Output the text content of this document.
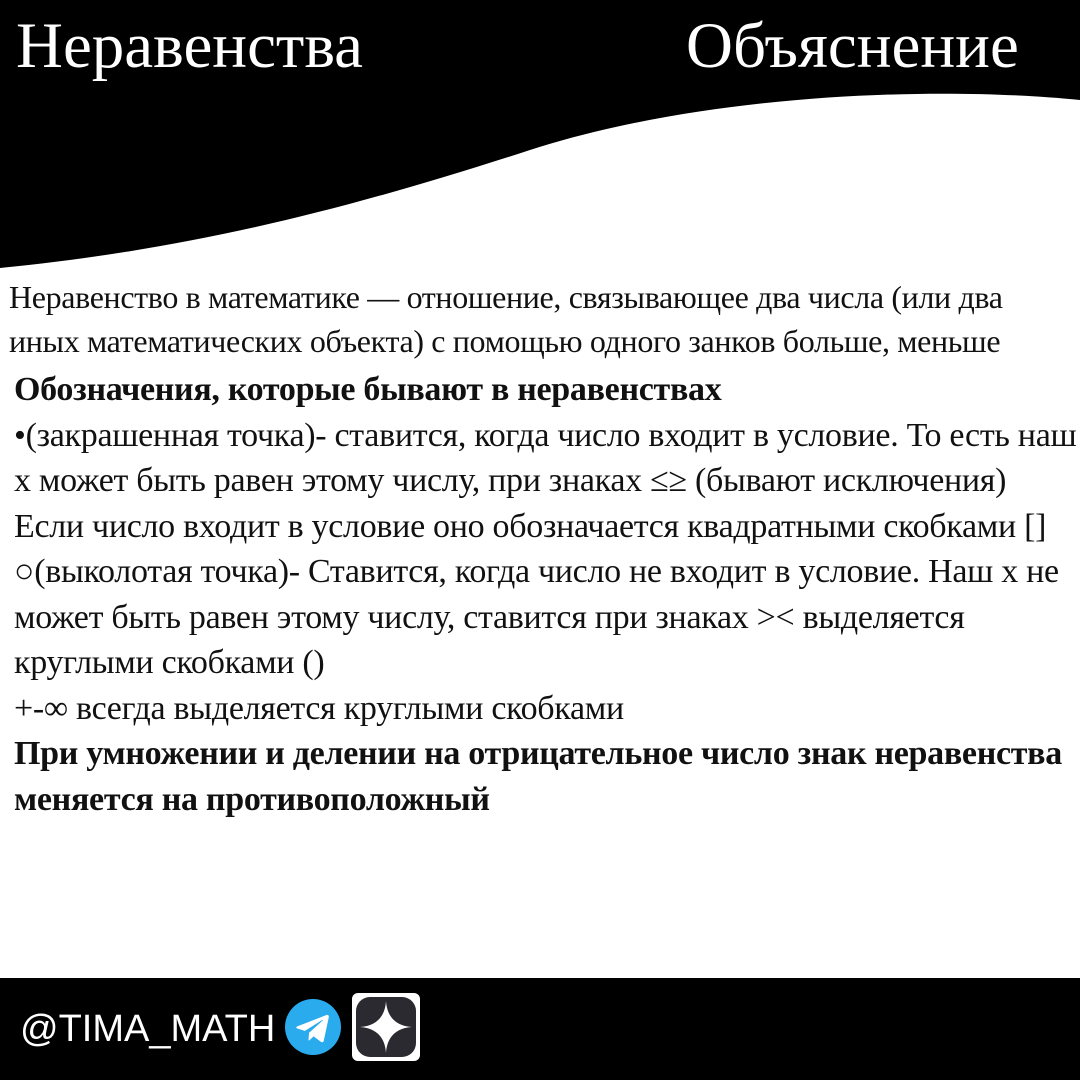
Неравенства	Объяснение

Неравенство в математике — отношение, связывающее два числа (или два иных математических объекта) с помощью одного занков больше, меньше

Обозначения, которые бывают в неравенствах

•(закрашенная точка)- ставится, когда число входит в условие. То есть наш х может быть равен этому числу, при знаках ≤≥ (бывают исключения)

Если число входит в условие оно обозначается квадратными скобками []

○(выколотая точка)- Ставится, когда число не входит в условие. Наш х не может быть равен этому числу, ставится при знаках >< выделяется круглыми скобками ()

+-∞ всегда выделяется круглыми скобками

При умножении и делении на отрицательное число знак неравенства меняется на противоположный

@TIMA_MATH
